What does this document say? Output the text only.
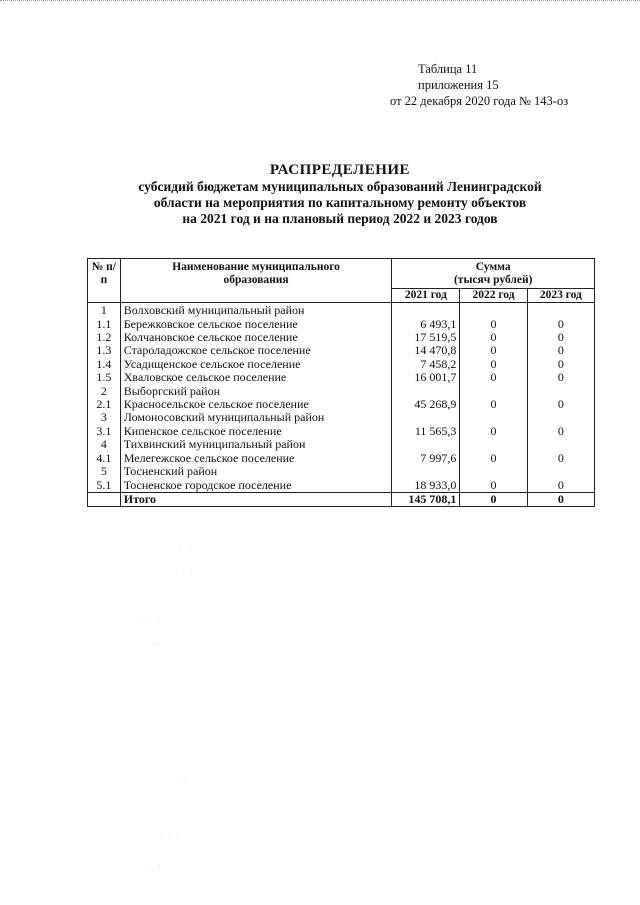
Таблица 11
приложения 15
от 22 декабря 2020 года № 143-оз
РАСПРЕДЕЛЕНИЕ
субсидий бюджетам муниципальных образований Ленинградской
области на мероприятия по капитальному ремонту объектов
на 2021 год и на плановый период 2022 и 2023 годов
№ п/п	Наименование муниципального образования	Сумма
(тысяч рублей)		

		2021 год	2022 год	2023 год
1	Волховский муниципальный район			
1.1	Бережковское сельское поселение	6 493,1	0	0
1.2	Колчановское сельское поселение	17 519,5	0	0
1.3	Староладожское сельское поселение	14 470,8	0	0
1.4	Усадищенское сельское поселение	7 458,2	0	0
1.5	Хваловское сельское поселение	16 001,7	0	0
2	Выборгский район			
2.1	Красносельское сельское поселение	45 268,9	0	0
3	Ломоносовский муниципальный район			
3.1	Кипенское сельское поселение	11 565,3	0	0
4	Тихвинский муниципальный район			
4.1	Мелегежское сельское поселение	7 997,6	0	0
5	Тосненский район			
5.1	Тосненское городское поселение	18 933,0	0	0
	Итого	145 708,1	0	0
· ·:
· ·
· · ·
· ·
· ·
· · ·
· ·
